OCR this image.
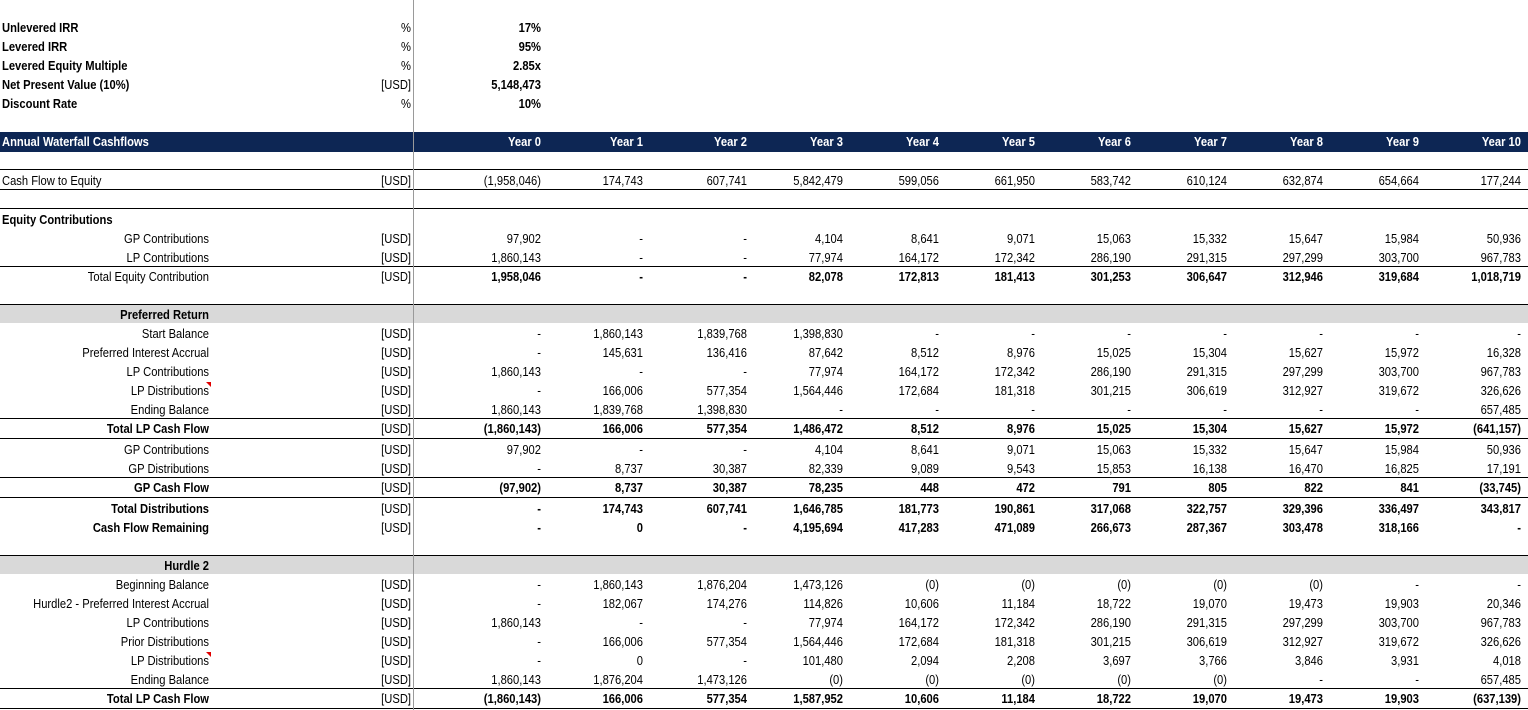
Unlevered IRR	%	17%
Levered IRR	%	95%
Levered Equity Multiple	%	2.85x
Net Present Value (10%)	[USD]	5,148,473
Discount Rate	%	10%
Annual Waterfall Cashflows	Year 0	Year 1	Year 2	Year 3	Year 4	Year 5	Year 6	Year 7	Year 8	Year 9	Year 10
Cash Flow to Equity	[USD]	(1,958,046)	174,743	607,741	5,842,479	599,056	661,950	583,742	610,124	632,874	654,664	177,244
Equity Contributions
GP Contributions	[USD]	97,902	-	-	4,104	8,641	9,071	15,063	15,332	15,647	15,984	50,936
LP Contributions	[USD]	1,860,143	-	-	77,974	164,172	172,342	286,190	291,315	297,299	303,700	967,783
Total Equity Contribution	[USD]	1,958,046	-	-	82,078	172,813	181,413	301,253	306,647	312,946	319,684	1,018,719
Preferred Return
Start Balance	[USD]	-	1,860,143	1,839,768	1,398,830	-	-	-	-	-	-	-
Preferred Interest Accrual	[USD]	-	145,631	136,416	87,642	8,512	8,976	15,025	15,304	15,627	15,972	16,328
LP Contributions	[USD]	1,860,143	-	-	77,974	164,172	172,342	286,190	291,315	297,299	303,700	967,783
LP Distributions	[USD]	-	166,006	577,354	1,564,446	172,684	181,318	301,215	306,619	312,927	319,672	326,626
Ending Balance	[USD]	1,860,143	1,839,768	1,398,830	-	-	-	-	-	-	-	657,485
Total LP Cash Flow	[USD]	(1,860,143)	166,006	577,354	1,486,472	8,512	8,976	15,025	15,304	15,627	15,972	(641,157)
GP Contributions	[USD]	97,902	-	-	4,104	8,641	9,071	15,063	15,332	15,647	15,984	50,936
GP Distributions	[USD]	-	8,737	30,387	82,339	9,089	9,543	15,853	16,138	16,470	16,825	17,191
GP Cash Flow	[USD]	(97,902)	8,737	30,387	78,235	448	472	791	805	822	841	(33,745)
Total Distributions	[USD]	-	174,743	607,741	1,646,785	181,773	190,861	317,068	322,757	329,396	336,497	343,817
Cash Flow Remaining	[USD]	-	0	-	4,195,694	417,283	471,089	266,673	287,367	303,478	318,166	-
Hurdle 2
Beginning Balance	[USD]	-	1,860,143	1,876,204	1,473,126	(0)	(0)	(0)	(0)	(0)	-	-
Hurdle2 - Preferred Interest Accrual	[USD]	-	182,067	174,276	114,826	10,606	11,184	18,722	19,070	19,473	19,903	20,346
LP Contributions	[USD]	1,860,143	-	-	77,974	164,172	172,342	286,190	291,315	297,299	303,700	967,783
Prior Distributions	[USD]	-	166,006	577,354	1,564,446	172,684	181,318	301,215	306,619	312,927	319,672	326,626
LP Distributions	[USD]	-	0	-	101,480	2,094	2,208	3,697	3,766	3,846	3,931	4,018
Ending Balance	[USD]	1,860,143	1,876,204	1,473,126	(0)	(0)	(0)	(0)	(0)	-	-	657,485
Total LP Cash Flow	[USD]	(1,860,143)	166,006	577,354	1,587,952	10,606	11,184	18,722	19,070	19,473	19,903	(637,139)
